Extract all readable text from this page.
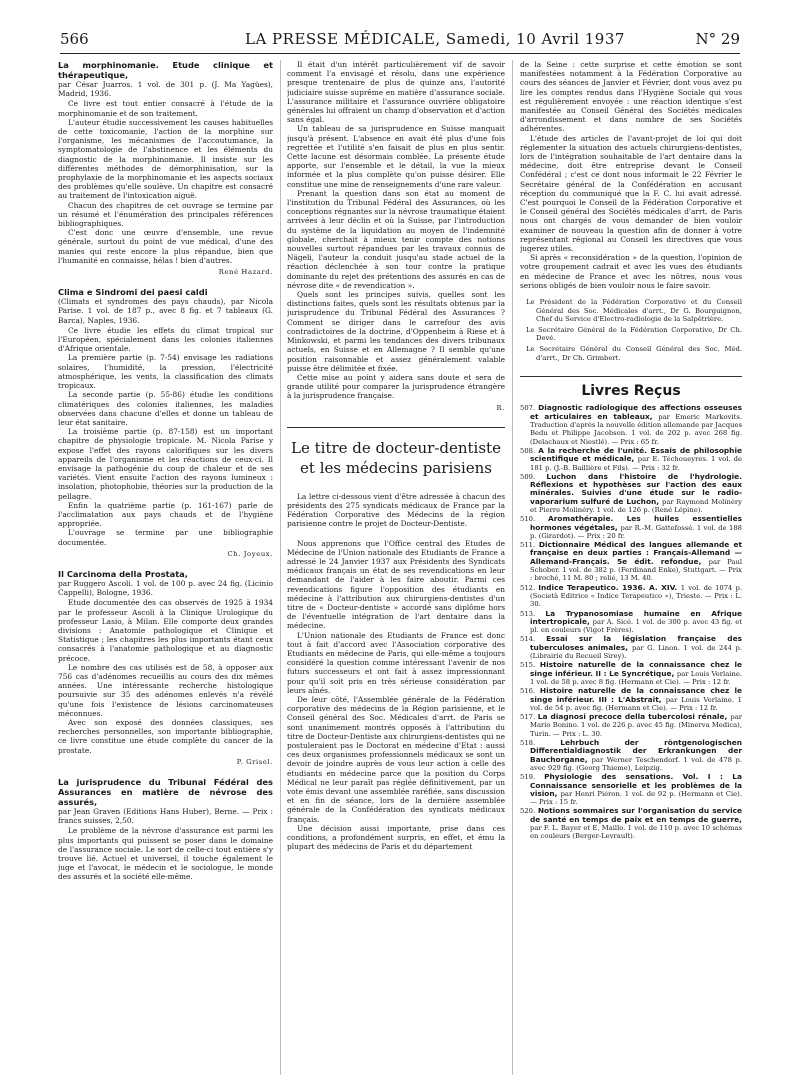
566	LA PRESSE MÉDICALE, Samedi, 10 Avril 1937	N° 29

La morphinomanie. Etude clinique et thérapeutique,

par César Juarros. 1 vol. de 301 p. (J. Ma Yagües), Madrid, 1936.

Ce livre est tout entier consacré à l'étude de la morphinomanie et de son traitement.

L'auteur étudie successivement les causes habituelles de cette toxicomanie, l'action de la morphine sur l'organisme, les mécanismes de l'accoutumance, la symptomatologie de l'abstinence et les éléments du diagnostic de la morphinomanie. Il insiste sur les différentes méthodes de démorphinisation, sur la prophylaxie de la morphinomanie et les aspects sociaux des problèmes qu'elle soulève. Un chapitre est consacré au traitement de l'intoxication aiguë.

Chacun des chapitres de cet ouvrage se termine par un résumé et l'énumération des principales références bibliographiques.

C'est donc une œuvre d'ensemble, une revue générale, surtout du point de vue médical, d'une des manies qui reste encore la plus répandue, bien que l'humanité en connaisse, hélas ! bien d'autres.

René Hazard.

Clima e Sindromi dei paesi caldi

(Climats et syndromes des pays chauds), par Nicola Parise. 1 vol. de 187 p., avec 8 fig. et 7 tableaux (G. Barca), Naples, 1936.

Ce livre étudie les effets du climat tropical sur l'Européen, spécialement dans les colonies italiennes d'Afrique orientale.

La première partie (p. 7-54) envisage les radiations solaires, l'humidité, la pression, l'électricité atmosphérique, les vents, la classification des climats tropicaux.

La seconde partie (p. 55-86) étudie les conditions climatériques des colonies italiennes, les maladies observées dans chacune d'elles et donne un tableau de leur état sanitaire.

La troisième partie (p. 87-158) est un important chapitre de physiologie tropicale. M. Nicola Parise y expose l'effet des rayons calorifiques sur les divers appareils de l'organisme et les réactions de ceux-ci. Il envisage la pathogénie du coup de chaleur et de ses variétés. Vient ensuite l'action des rayons lumineux : insolation, photophobie, théories sur la production de la pellagre.

Enfin la quatrième partie (p. 161-167) parle de l'acclimatation aux pays chauds et de l'hygiène appropriée.

L'ouvrage se termine par une bibliographie documentée.

Ch. Joyeux.

Il Carcinoma della Prostata,

par Ruggero Ascoli. 1 vol. de 100 p. avec 24 fig. (Licinio Cappelli), Bologne, 1936.

Etude documentée des cas observés de 1925 à 1934 par le professeur Ascoli à la Clinique Urologique du professeur Lasio, à Milan. Elle comporte deux grandes divisions : Anatomie pathologique et Clinique et Statistique ; les chapitres les plus importants étant ceux consacrés à l'anatomie pathologique et au diagnostic précoce.

Le nombre des cas utilisés est de 58, à opposer aux 756 cas d'adénomes recueillis au cours des dix mêmes années. Une intéressante recherche histologique poursuivie sur 35 des adénomes enlevés n'a révélé qu'une fois l'existence de lésions carcinomateuses méconnues.

Avec son exposé des données classiques, ses recherches personnelles, son importante bibliographie, ce livre constitue une étude complète du cancer de la prostate.

P. Grisel.

La jurisprudence du Tribunal Fédéral des Assurances en matière de névrose des assurés,

par Jean Graven (Editions Hans Huber), Berne. — Prix : francs suisses, 2,50.

Le problème de la névrose d'assurance est parmi les plus importants qui puissent se poser dans le domaine de l'assurance sociale. Le sort de celle-ci tout entière s'y trouve lié. Actuel et universel, il touche également le juge et l'avocat, le médecin et le sociologue, le monde des assurés et la société elle-même.

Il était d'un intérêt particulièrement vif de savoir comment l'a envisagé et résolu, dans une expérience presque trentenaire de plus de quinze ans, l'autorité judiciaire suisse suprême en matière d'assurance sociale. L'assurance militaire et l'assurance ouvrière obligatoire générales lui offraient un champ d'observation et d'action sans égal.

Un tableau de sa jurisprudence en Suisse manquait jusqu'à présent. L'absence en avait été plus d'une fois regrettée et l'utilité s'en faisait de plus en plus sentir. Cette lacune est désormais comblée. La présente étude apporte, sur l'ensemble et le détail, la vue la mieux informée et la plus complète qu'on puisse désirer. Elle constitue une mine de renseignements d'une rare valeur.

Prenant la question dans son état au moment de l'institution du Tribunal Fédéral des Assurances, où les conceptions régnantes sur la névrose traumatique étaient arrivées à leur déclin et où la Suisse, par l'introduction du système de la liquidation au moyen de l'indemnité globale, cherchait à mieux tenir compte des notions nouvelles surtout répandues par les travaux connus de Nägeli, l'auteur la conduit jusqu'au stade actuel de la réaction déclenchée à son tour contre la pratique dominante du rejet des prétentions des assurés en cas de névrose dite « de revendication ».

Quels sont les principes suivis, quelles sont les distinctions faites, quels sont les résultats obtenus par la jurisprudence du Tribunal Fédéral des Assurances ? Comment se diriger dans le carrefour des avis contradictoires de la doctrine, d'Oppenheim à Riese et à Minkowski, et parmi les tendances des divers tribunaux actuels, en Suisse et en Allemagne ? Il semble qu'une position raisonnable et assez généralement valable puisse être délimitée et fixée.

Cette mise au point y aidera sans doute et sera de grande utilité pour comparer la jurisprudence étrangère à la jurisprudence française.

R.

Le titre de docteur-dentiste et les médecins parisiens

La lettre ci-dessous vient d'être adressée à chacun des présidents des 275 syndicats médicaux de France par la Fédération Corporative des Médecins de la région parisienne contre le projet de Docteur-Dentiste.

Nous apprenons que l'Office central des Etudes de Médecine de l'Union nationale des Etudiants de France a adressé le 24 Janvier 1937 aux Présidents des Syndicats médicaux français un état de ses revendications en leur demandant de l'aider à les faire aboutir. Parmi ces revendications figure l'opposition des étudiants en médecine à l'attribution aux chirurgiens-dentistes d'un titre de « Docteur-dentiste » accordé sans diplôme hors de l'éventuelle intégration de l'art dentaire dans la médecine.

L'Union nationale des Etudiants de France est donc tout à fait d'accord avec l'Association corporative des Etudiants en médecine de Paris, qui elle-même a toujours considéré la question comme intéressant l'avenir de nos futurs successeurs et ont fait à assez impressionnant pour qu'il soit pris en très sérieuse considération par leurs aînés.

De leur côté, l'Assemblée générale de la Fédération corporative des médecins de la Région parisienne, et le Conseil général des Soc. Médicales d'arrt. de Paris se sont unanimement montrés opposés à l'attribution du titre de Docteur-Dentiste aux chirurgiens-dentistes qui ne postuleraient pas le Doctorat en médecine d'Etat : aussi ces deux organismes professionnels médicaux se sont un devoir de joindre auprès de vous leur action à celle des étudiants en médecine parce que la position du Corps Médical ne leur paraît pas réglée définitivement, par un vote émis devant une assemblée raréfiée, sans discussion et en fin de séance, lors de la dernière assemblée générale de la Confédération des syndicats médicaux français.

Une décision aussi importante, prise dans ces conditions, a profondément surpris, en effet, et ému la plupart des médecins de Paris et du département

de la Seine : cette surprise et cette émotion se sont manifestées notamment à la Fédération Corporative au cours des séances de Janvier et Février, dont vous avez pu lire les comptes rendus dans l'Hygiène Sociale qui vous est régulièrement envoyée : une réaction identique s'est manifestée au Conseil Général des Sociétés médicales d'arrondissement et dans nombre de ses Sociétés adhérentes.

L'étude des articles de l'avant-projet de loi qui doit réglementer la situation des actuels chirurgiens-dentistes, lors de l'intégration souhaitable de l'art dentaire dans la médecine, doit être entreprise devant le Conseil Confédéral ; c'est ce dont nous informait le 22 Février le Secrétaire général de la Confédération en accusant réception du communiqué que la F. C. lui avait adressé. C'est pourquoi le Conseil de la Fédération Corporative et le Conseil général des Sociétés médicales d'arrt. de Paris nous ont chargés de vous demander de bien vouloir examiner de nouveau la question afin de donner à votre représentant régional au Conseil les directives que vous jugerez utiles.

Si après « reconsidération » de la question, l'opinion de votre groupement cadrait et avec les vues des étudiants en médecine de France et avec les nôtres, nous vous serions obligés de bien vouloir nous le faire savoir.

Le Président de la Fédération Corporative et du Conseil Général des Soc. Médicales d'arrt., Dr G. Bourguignon, Chef du Service d'Electro-radiologie de la Salpêtrière.
Le Secrétaire Général de la Fédération Corporative, Dr Ch. Devé.
Le Secrétaire Général du Conseil Général des Soc. Méd. d'arrt., Dr Ch. Grimbert.
Livres Reçus
507. Diagnostic radiologique des affections osseuses et articulaires en tableaux, par Emeric Markovits. Traduction d'après la nouvelle édition allemande par Jacques Bedu et Philippe Jacobson. 1 vol. de 202 p. avec 268 fig. (Delachaux et Niestlé). — Prix : 65 fr.
508. A la recherche de l'unité. Essais de philosophie scientifique et médicale, par E. Téchoueyres. 1 vol. de 181 p. (J.-B. Baillière et Fils). — Prix : 32 fr.
509. Luchon dans l'histoire de l'hydrologie. Réflexions et hypothèses sur l'action des eaux minérales. Suivies d'une étude sur le radio-vaporarium sulfuré de Luchon, par Raymond Molinéry et Pierre Molinéry. 1 vol. de 126 p. (René Lépine).
510. Aromathérapie. Les huiles essentielles hormones végétales, par R.-M. Gattefossé. 1 vol. de 188 p. (Girardot). — Prix : 20 fr.
511. Dictionnaire Médical des langues allemande et française en deux parties : Français-Allemand — Allemand-Français. 5e édit. refondue, par Paul Schober. 1 vol. de 382 p. (Ferdinand Enke), Stuttgart. — Prix : broché, 11 M. 80 ; relié, 13 M. 40.
512. Indice Terapeutico. 1936. A. XIV. 1 vol. de 1074 p. (Società Editrice « Indice Terapeutico »), Trieste. — Prix : L. 30.
513. La Trypanosomiase humaine en Afrique intertropicale, par A. Sicé. 1 vol. de 300 p. avec 43 fig. et pl. en couleurs (Vigot Frères).
514. Essai sur la législation française des tuberculoses animales, par G. Linon. 1 vol. de 244 p. (Librairie du Recueil Sirey).
515. Histoire naturelle de la connaissance chez le singe inférieur. II : Le Syncrétique, par Louis Verlaine. 1 vol. de 58 p. avec 8 fig. (Hermann et Cie). — Prix : 12 fr.
516. Histoire naturelle de la connaissance chez le singe inférieur. III : L'Abstrait, par Louis Verlaine. 1 vol. de 54 p. avec fig. (Hermann et Cie). — Prix : 12 fr.
517. La diagnosi precoce della tubercolosi rénale, par Mario Bonino. 1 vol. de 226 p. avec 45 fig. (Minerva Medica), Turin. — Prix : L. 30.
518. Lehrbuch der röntgenologischen Differentialdiagnostik der Erkrankungen der Bauchorgane, par Werner Teschendorf. 1 vol. de 478 p. avec 929 fig. (Georg Thieme), Leipzig.
519. Physiologie des sensations. Vol. I : La Connaissance sensorielle et les problèmes de la vision, par Henri Piéron. 1 vol. de 92 p. (Hermann et Cie). — Prix : 15 fr.
520. Notions sommaires sur l'organisation du service de santé en temps de paix et en temps de guerre, par F. L. Bayer et E. Maillo. 1 vol. de 110 p. avec 10 schémas en couleurs (Berger-Levrault).
